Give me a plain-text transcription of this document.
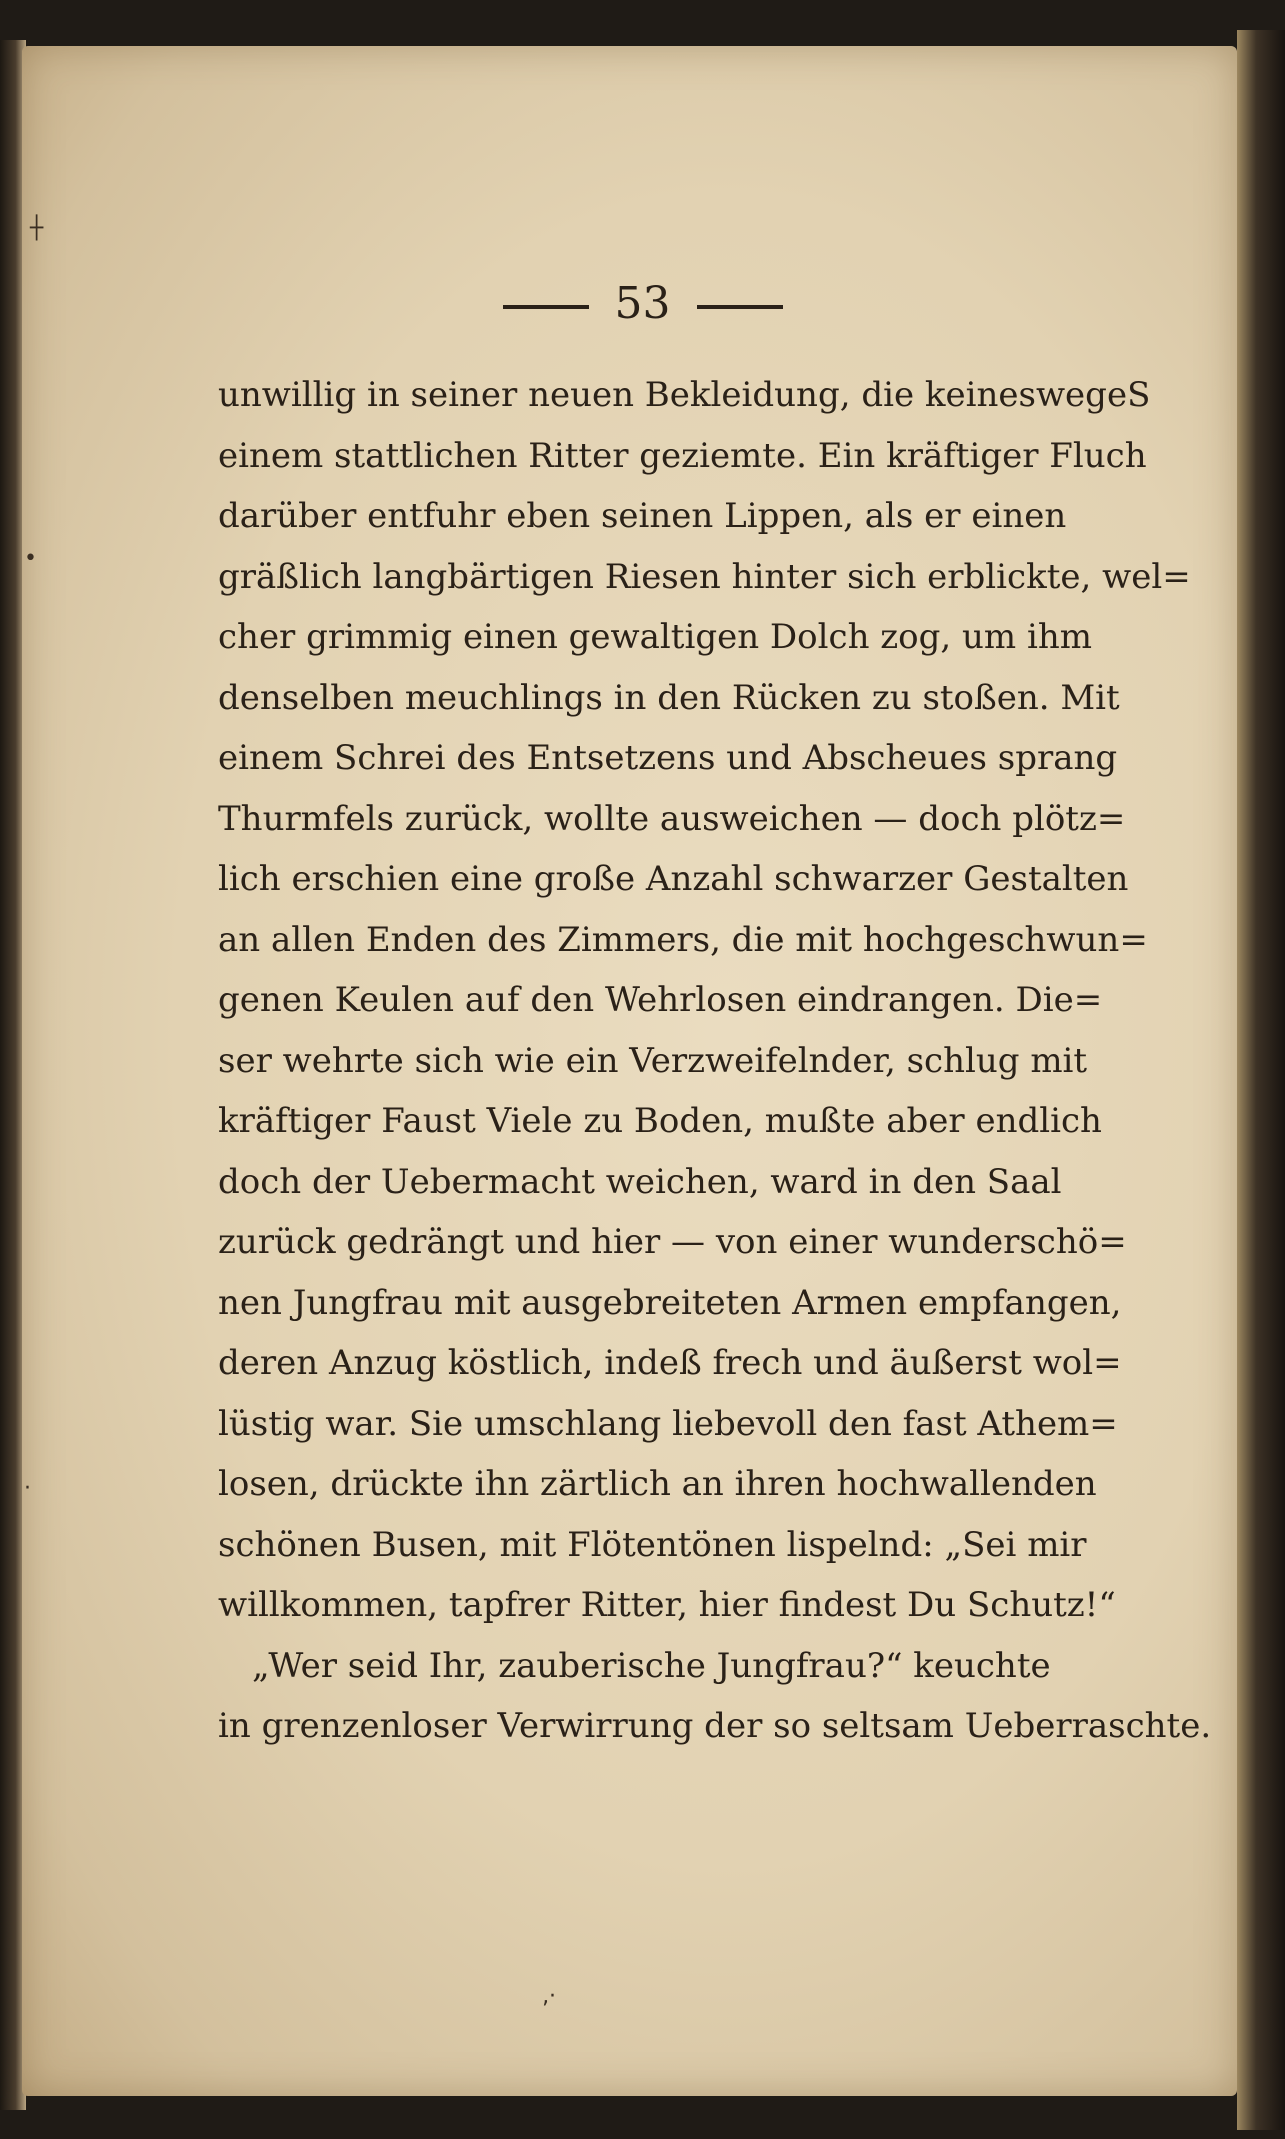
┼
•
·
‚·
53
unwillig in seiner neuen Bekleidung, die keineswegeS
einem stattlichen Ritter geziemte. Ein kräftiger Fluch
darüber entfuhr eben seinen Lippen, als er einen
gräßlich langbärtigen Riesen hinter sich erblickte, wel=
cher grimmig einen gewaltigen Dolch zog, um ihm
denselben meuchlings in den Rücken zu stoßen. Mit
einem Schrei des Entsetzens und Abscheues sprang
Thurmfels zurück, wollte ausweichen — doch plötz=
lich erschien eine große Anzahl schwarzer Gestalten
an allen Enden des Zimmers, die mit hochgeschwun=
genen Keulen auf den Wehrlosen eindrangen. Die=
ser wehrte sich wie ein Verzweifelnder, schlug mit
kräftiger Faust Viele zu Boden, mußte aber endlich
doch der Uebermacht weichen, ward in den Saal
zurück gedrängt und hier — von einer wunderschö=
nen Jungfrau mit ausgebreiteten Armen empfangen,
deren Anzug köstlich, indeß frech und äußerst wol=
lüstig war. Sie umschlang liebevoll den fast Athem=
losen, drückte ihn zärtlich an ihren hochwallenden
schönen Busen, mit Flötentönen lispelnd: „Sei mir
willkommen, tapfrer Ritter, hier findest Du Schutz!“
„Wer seid Ihr, zauberische Jungfrau?“ keuchte
in grenzenloser Verwirrung der so seltsam Ueberraschte.
